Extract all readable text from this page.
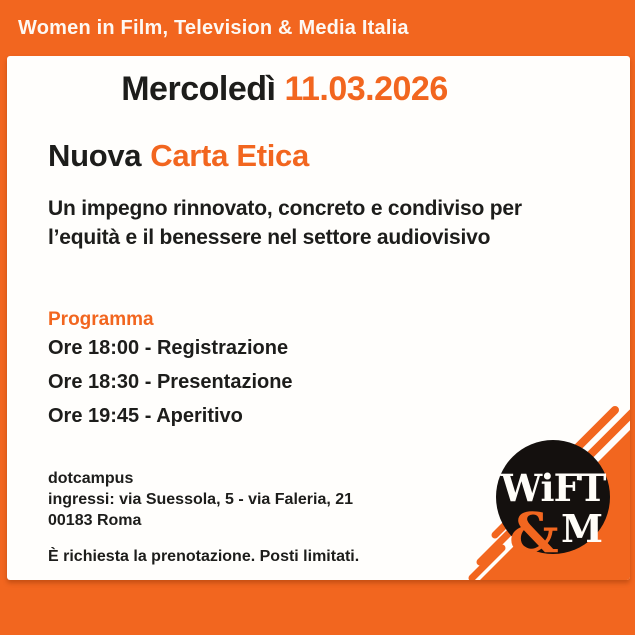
Women in Film, Television & Media Italia
Mercoledì 11.03.2026
Nuova Carta Etica
Un impegno rinnovato, concreto e condiviso per l’equità e il benessere nel settore audiovisivo
Programma
Ore 18:00 - Registrazione
Ore 18:30 - Presentazione
Ore 19:45 - Aperitivo
dotcampus
ingressi: via Suessola, 5 - via Faleria, 21
00183 Roma
È richiesta la prenotazione. Posti limitati.
WiFT
& M
